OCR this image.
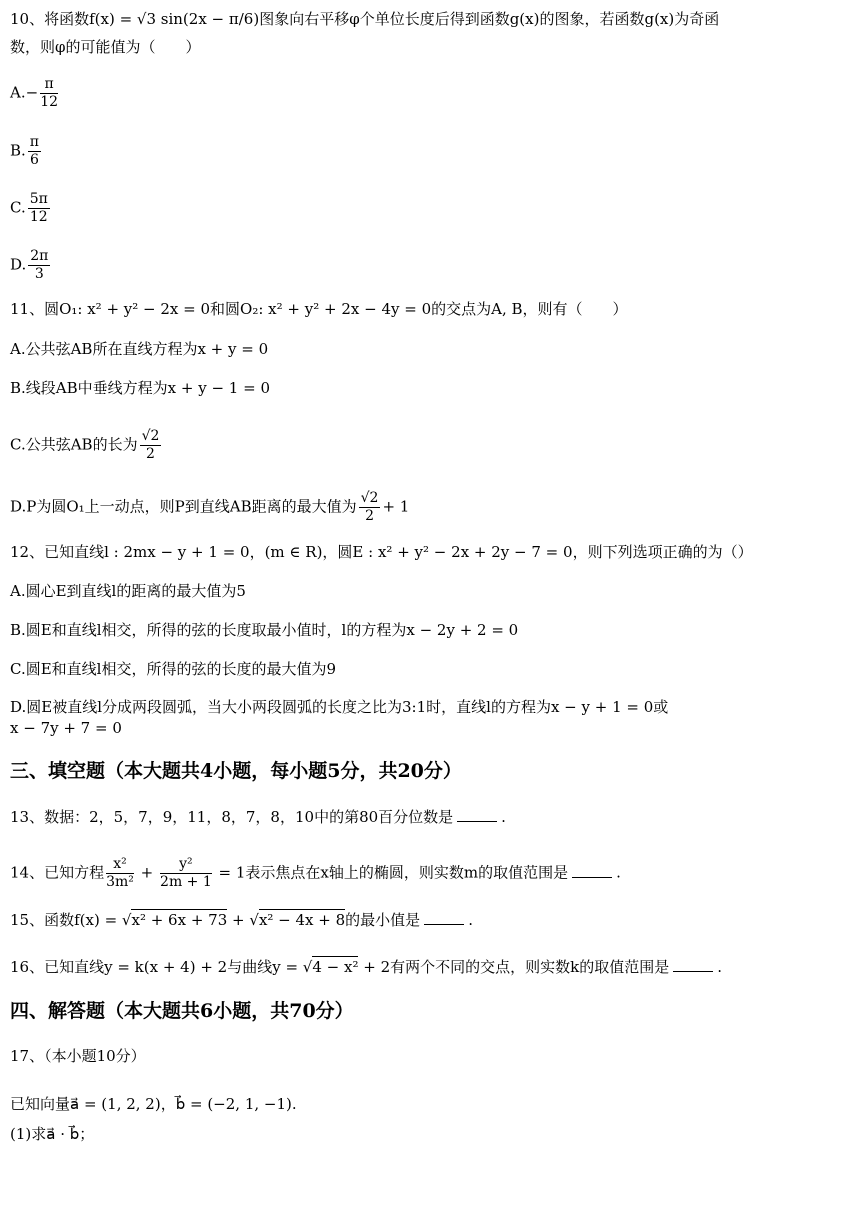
10、将函数f(x) = √3 sin(2x − π/6)图象向右平移φ个单位长度后得到函数g(x)的图象，若函数g(x)为奇函
数，则φ的可能值为（　　）
$A.- \frac{\pi}{12}$
B. $\frac{\pi}{6}$
C. $\frac{5\pi}{12}$
D. $\frac{2\pi}{3}$
11、圆O₁: x² + y² − 2x = 0和圆O₂: x² + y² + 2x − 4y = 0的交点为A, B，则有（　　）
A.公共弦AB所在直线方程为x + y = 0
B.线段AB中垂线方程为x + y − 1 = 0
C.公共弦AB的长为 $\frac{√2}{2}$
D.P为圆O₁上一动点，则P到直线AB距离的最大值为 $\frac{√2}{2} + 1$
12、已知直线l : 2mx − y + 1 = 0，(m ∈ R)，圆E : x² + y² − 2x + 2y − 7 = 0，则下列选项正确的为（）
A.圆心E到直线l的距离的最大值为5
B.圆E和直线l相交，所得的弦的长度取最小值时，l的方程为x − 2y + 2 = 0
C.圆E和直线l相交，所得的弦的长度的最大值为9
D.圆E被直线l分成两段圆弧，当大小两段圆弧的长度之比为3:1时，直线l的方程为x − y + 1 = 0或
x − 7y + 7 = 0
三、填空题（本大题共4小题，每小题5分，共20分）
13、数据：2，5，7，9，11，8，7，8，10中的第80百分位数是	.
14、已知方程 $\frac{\text{x²}}{\text{3m²}} + \frac{\text{y²}}{2m + 1} = 1$表示焦点在x轴上的椭圆，则实数m的取值范围是	.
15、函数f(x) = √x² + 6x + 73 + √x² − 4x + 8的最小值是	.
16、已知直线y = k(x + 4) + 2与曲线y = √4 − x² + 2有两个不同的交点，则实数k的取值范围是	.
四、解答题（本大题共6小题，共70分）
17、（本小题10分）
已知向量a⃗ = (1, 2, 2)，b⃗ = (−2, 1, −1).
(1)求a⃗ · b⃗；
